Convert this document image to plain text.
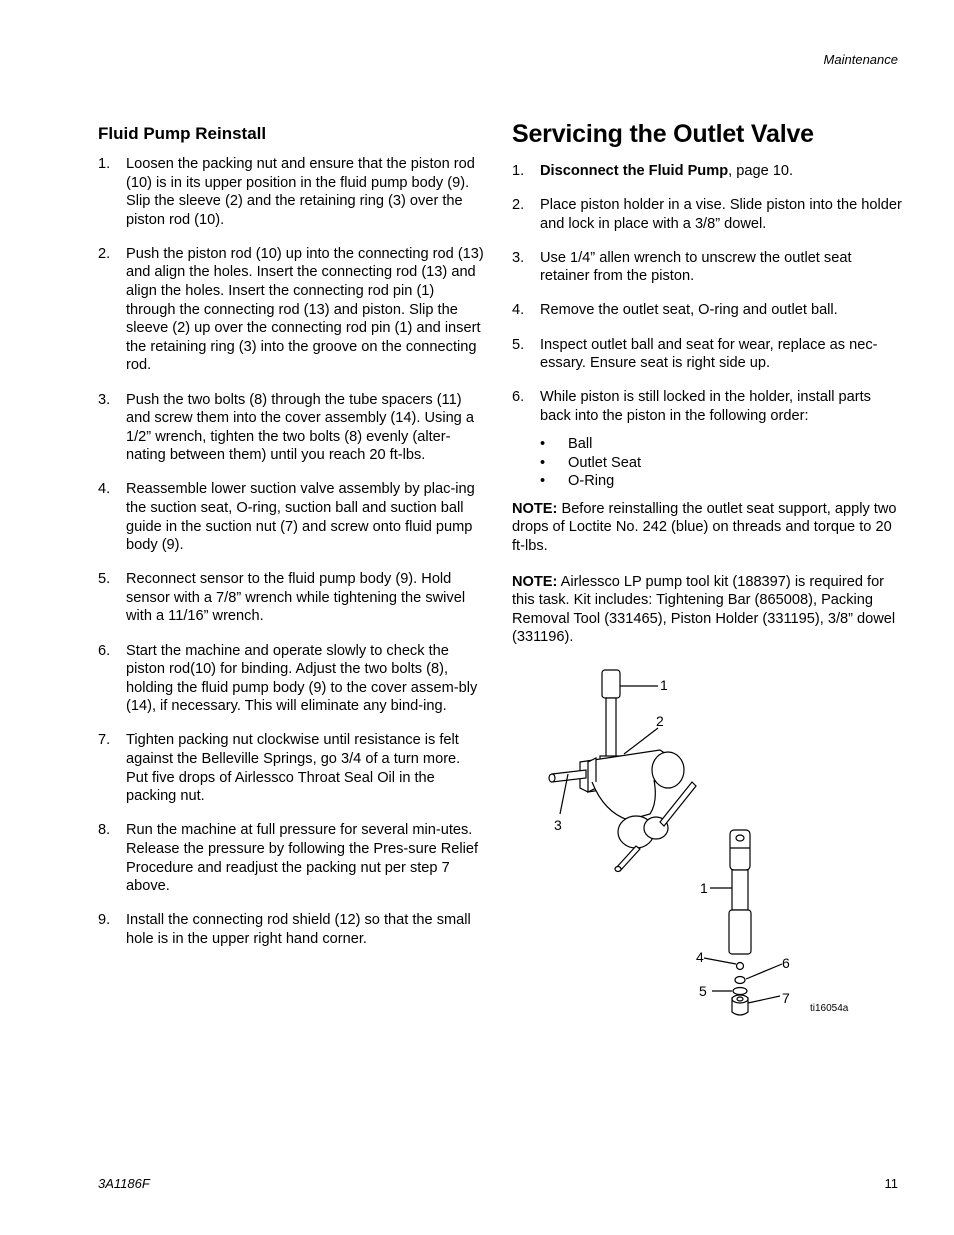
Maintenance
Fluid Pump Reinstall
1. Loosen the packing nut and ensure that the piston rod (10) is in its upper position in the fluid pump body (9). Slip the sleeve (2) and the retaining ring (3) over the piston rod (10).
2. Push the piston rod (10) up into the connecting rod (13) and align the holes. Insert the connecting rod (13) and align the holes. Insert the connecting rod pin (1) through the connecting rod (13) and piston. Slip the sleeve (2) up over the connecting rod pin (1) and insert the retaining ring (3) into the groove on the connecting rod.
3. Push the two bolts (8) through the tube spacers (11) and screw them into the cover assembly (14). Using a 1/2” wrench, tighten the two bolts (8) evenly (alter-nating between them) until you reach 20 ft-lbs.
4. Reassemble lower suction valve assembly by plac-ing the suction seat, O-ring, suction ball and suction ball guide in the suction nut (7) and screw onto fluid pump body (9).
5. Reconnect sensor to the fluid pump body (9). Hold sensor with a 7/8” wrench while tightening the swivel with a 11/16” wrench.
6. Start the machine and operate slowly to check the piston rod(10) for binding. Adjust the two bolts (8), holding the fluid pump body (9) to the cover assem-bly (14), if necessary. This will eliminate any bind-ing.
7. Tighten packing nut clockwise until resistance is felt against the Belleville Springs, go 3/4 of a turn more. Put five drops of Airlessco Throat Seal Oil in the packing nut.
8. Run the machine at full pressure for several min-utes. Release the pressure by following the Pres-sure Relief Procedure and readjust the packing nut per step 7 above.
9. Install the connecting rod shield (12) so that the small hole is in the upper right hand corner.
Servicing the Outlet Valve
1. Disconnect the Fluid Pump, page 10.
2. Place piston holder in a vise. Slide piston into the holder and lock in place with a 3/8” dowel.
3. Use 1/4” allen wrench to unscrew the outlet seat retainer from the piston.
4. Remove the outlet seat, O-ring and outlet ball.
5. Inspect outlet ball and seat for wear, replace as nec-essary. Ensure seat is right side up.
6. While piston is still locked in the holder, install parts back into the piston in the following order:
• Ball
• Outlet Seat
• O-Ring

NOTE: Before reinstalling the outlet seat support, apply two drops of Loctite No. 242 (blue) on threads and torque to 20 ft-lbs.

NOTE: Airlessco LP pump tool kit (188397) is required for this task. Kit includes: Tightening Bar (865008), Packing Removal Tool (331465), Piston Holder (331195), 3/8” dowel (331196).

1
2
3
1
4	6
5	7
ti16054a
3A1186F	11
